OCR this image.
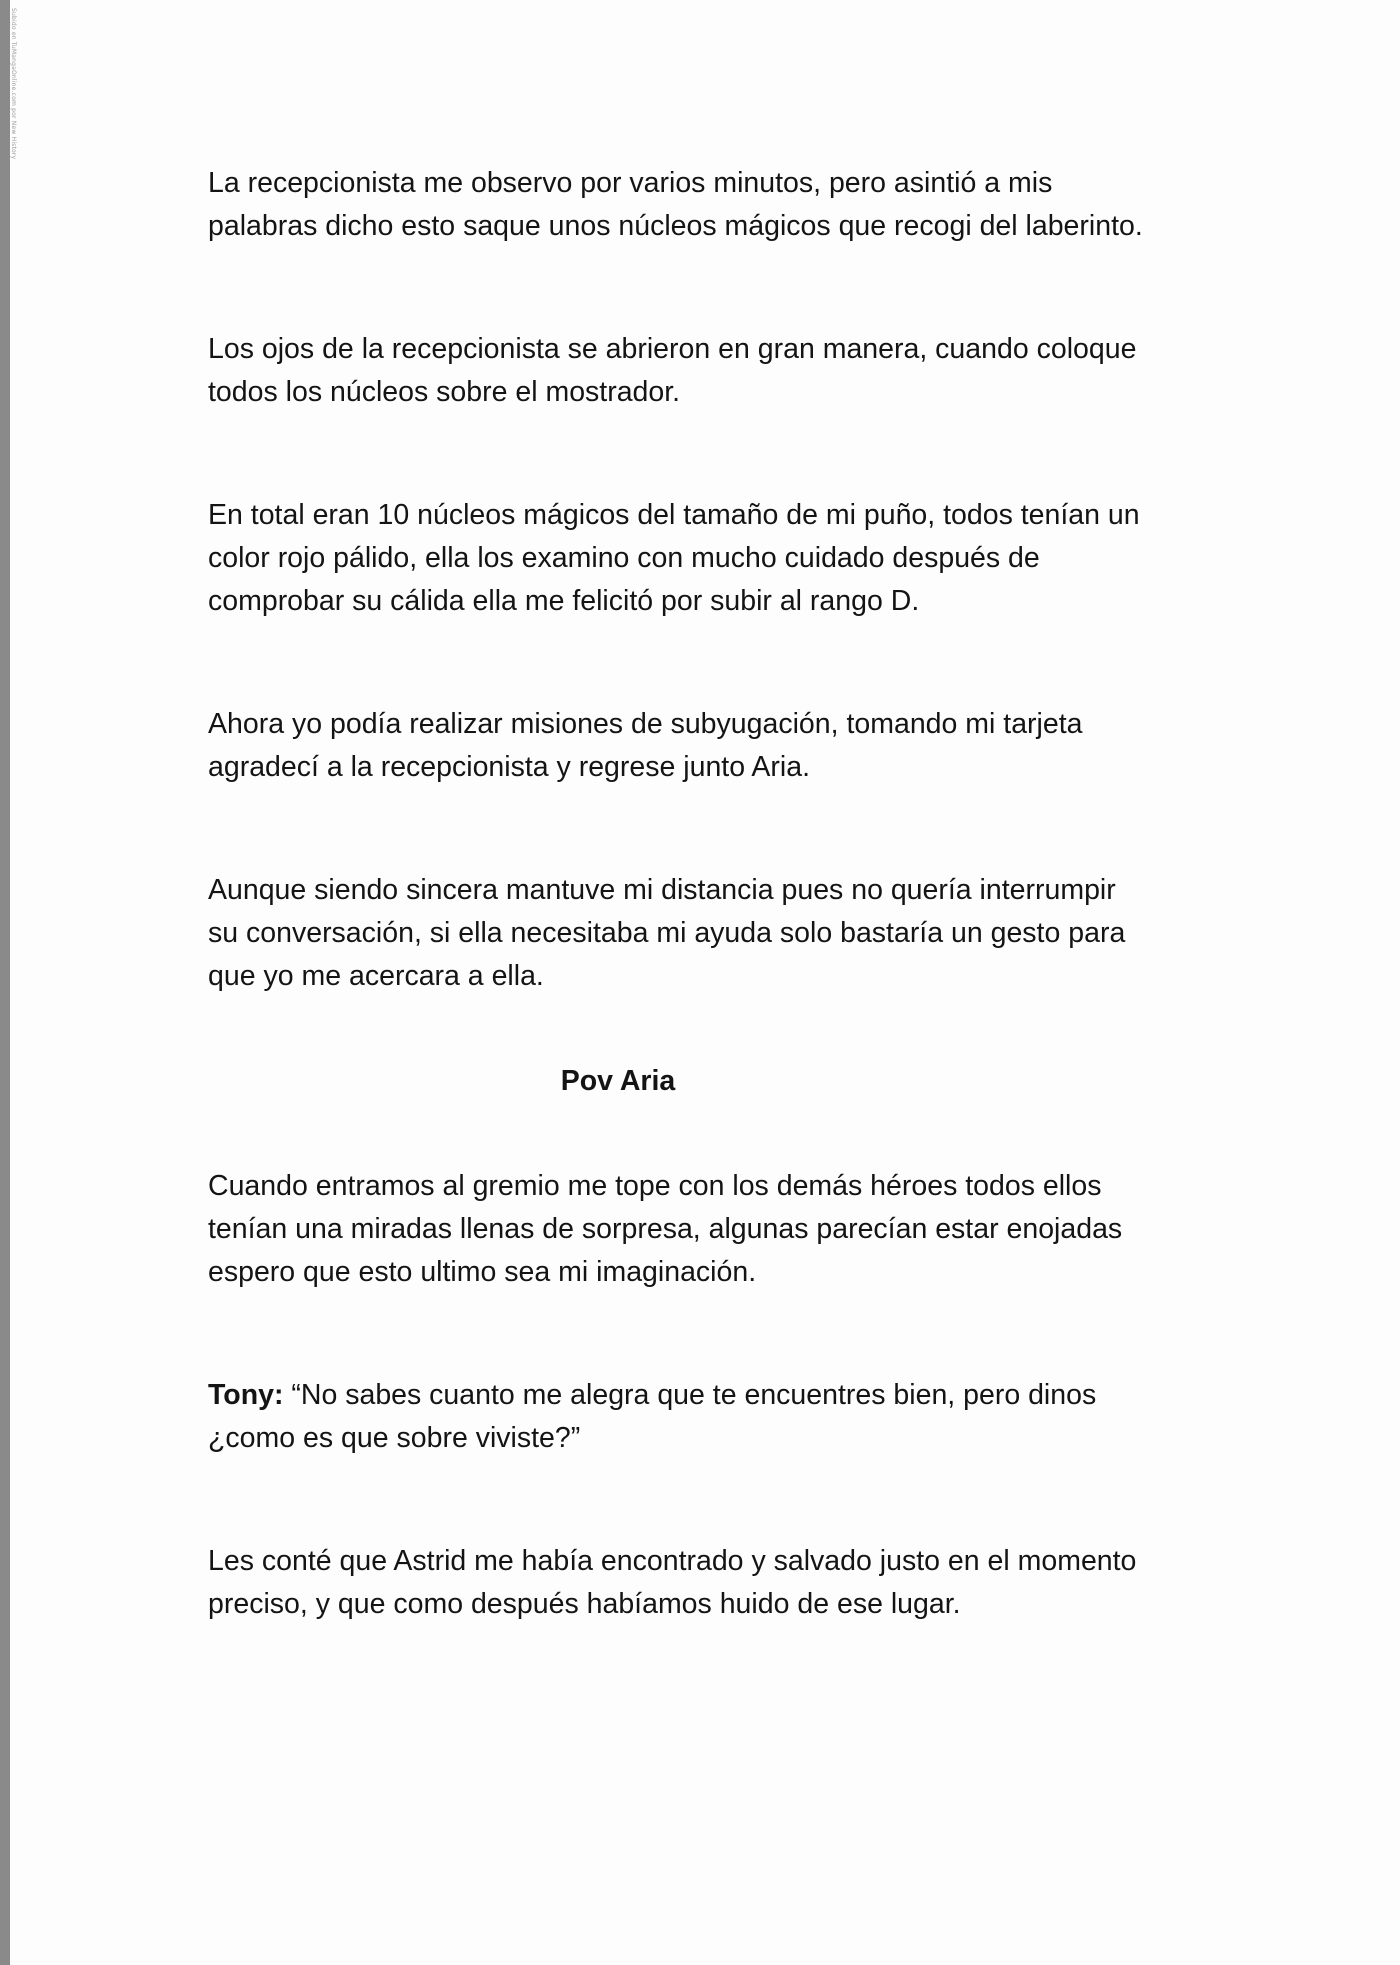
Subido en TuMangaOnline.com por New History

La recepcionista me observo por varios minutos, pero asintió a mis
palabras dicho esto saque unos núcleos mágicos que recogi del laberinto.

Los ojos de la recepcionista se abrieron en gran manera, cuando coloque
todos los núcleos sobre el mostrador.

En total eran 10 núcleos mágicos del tamaño de mi puño, todos tenían un
color rojo pálido, ella los examino con mucho cuidado después de
comprobar su cálida ella me felicitó por subir al rango D.

Ahora yo podía realizar misiones de subyugación, tomando mi tarjeta
agradecí a la recepcionista y regrese junto Aria.

Aunque siendo sincera mantuve mi distancia pues no quería interrumpir
su conversación, si ella necesitaba mi ayuda solo bastaría un gesto para
que yo me acercara a ella.

Pov Aria

Cuando entramos al gremio me tope con los demás héroes todos ellos
tenían una miradas llenas de sorpresa, algunas parecían estar enojadas
espero que esto ultimo sea mi imaginación.

Tony: “No sabes cuanto me alegra que te encuentres bien, pero dinos
¿como es que sobre viviste?”

Les conté que Astrid me había encontrado y salvado justo en el momento
preciso, y que como después habíamos huido de ese lugar.
